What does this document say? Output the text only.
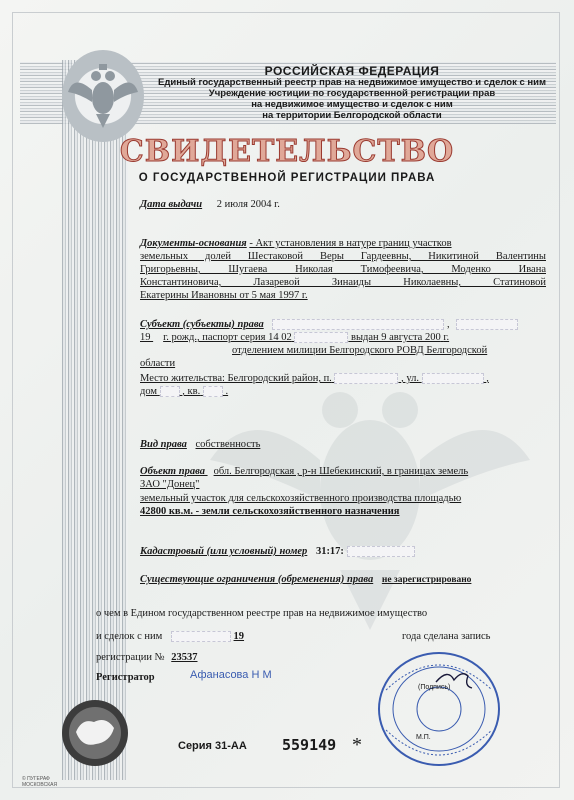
РОССИЙСКАЯ ФЕДЕРАЦИЯ
Единый государственный реестр прав на недвижимое имущество и сделок с ним
Учреждение юстиции по государственной регистрации прав
на недвижимое имущество и сделок с ним
на территории Белгородской области
СВИДЕТЕЛЬСТВО
О ГОСУДАРСТВЕННОЙ РЕГИСТРАЦИИ ПРАВА
Дата выдачи 2 июля 2004 г.
Документы-основания - Акт установления в натуре границ участков
земельных долей Шестаковой Веры Гардеевны, Никитиной Валентины
Григорьевны, Шугаева Николая Тимофеевича, Моденко Ивана
Константиновича, Лазаревой Зинаиды Николаевны, Статиновой
Екатерины Ивановны от 5 мая 1997 г.
Субъект (субъекты) права	,
19 г. рожд., паспорт серия 14 02	выдан 9 августа 200 г.
отделением милиции Белгородского РОВД Белгородской
области
Место жительства: Белгородский район, п.	, ул.	,
дом , кв. .
Вид права собственность
Объект права обл. Белгородская , р-н Шебекинский, в границах земель
ЗАО "Донец"
земельный участок для сельскохозяйственного производства площадью
42800 кв.м. - земли сельскохозяйственного назначения
Кадастровый (или условный) номер 31:17:
Существующие ограничения (обременения) права не зарегистрировано
о чем в Едином государственном реестре прав на недвижимое имущество
и сделок с ним	19	года сделана запись
регистрации № 23537
Регистратор	Афанасова Н М
(Подпись)
М.П.
Серия 31-АА 559149 *
© ПУГЕРАФ
МОСКОВСКАЯ
